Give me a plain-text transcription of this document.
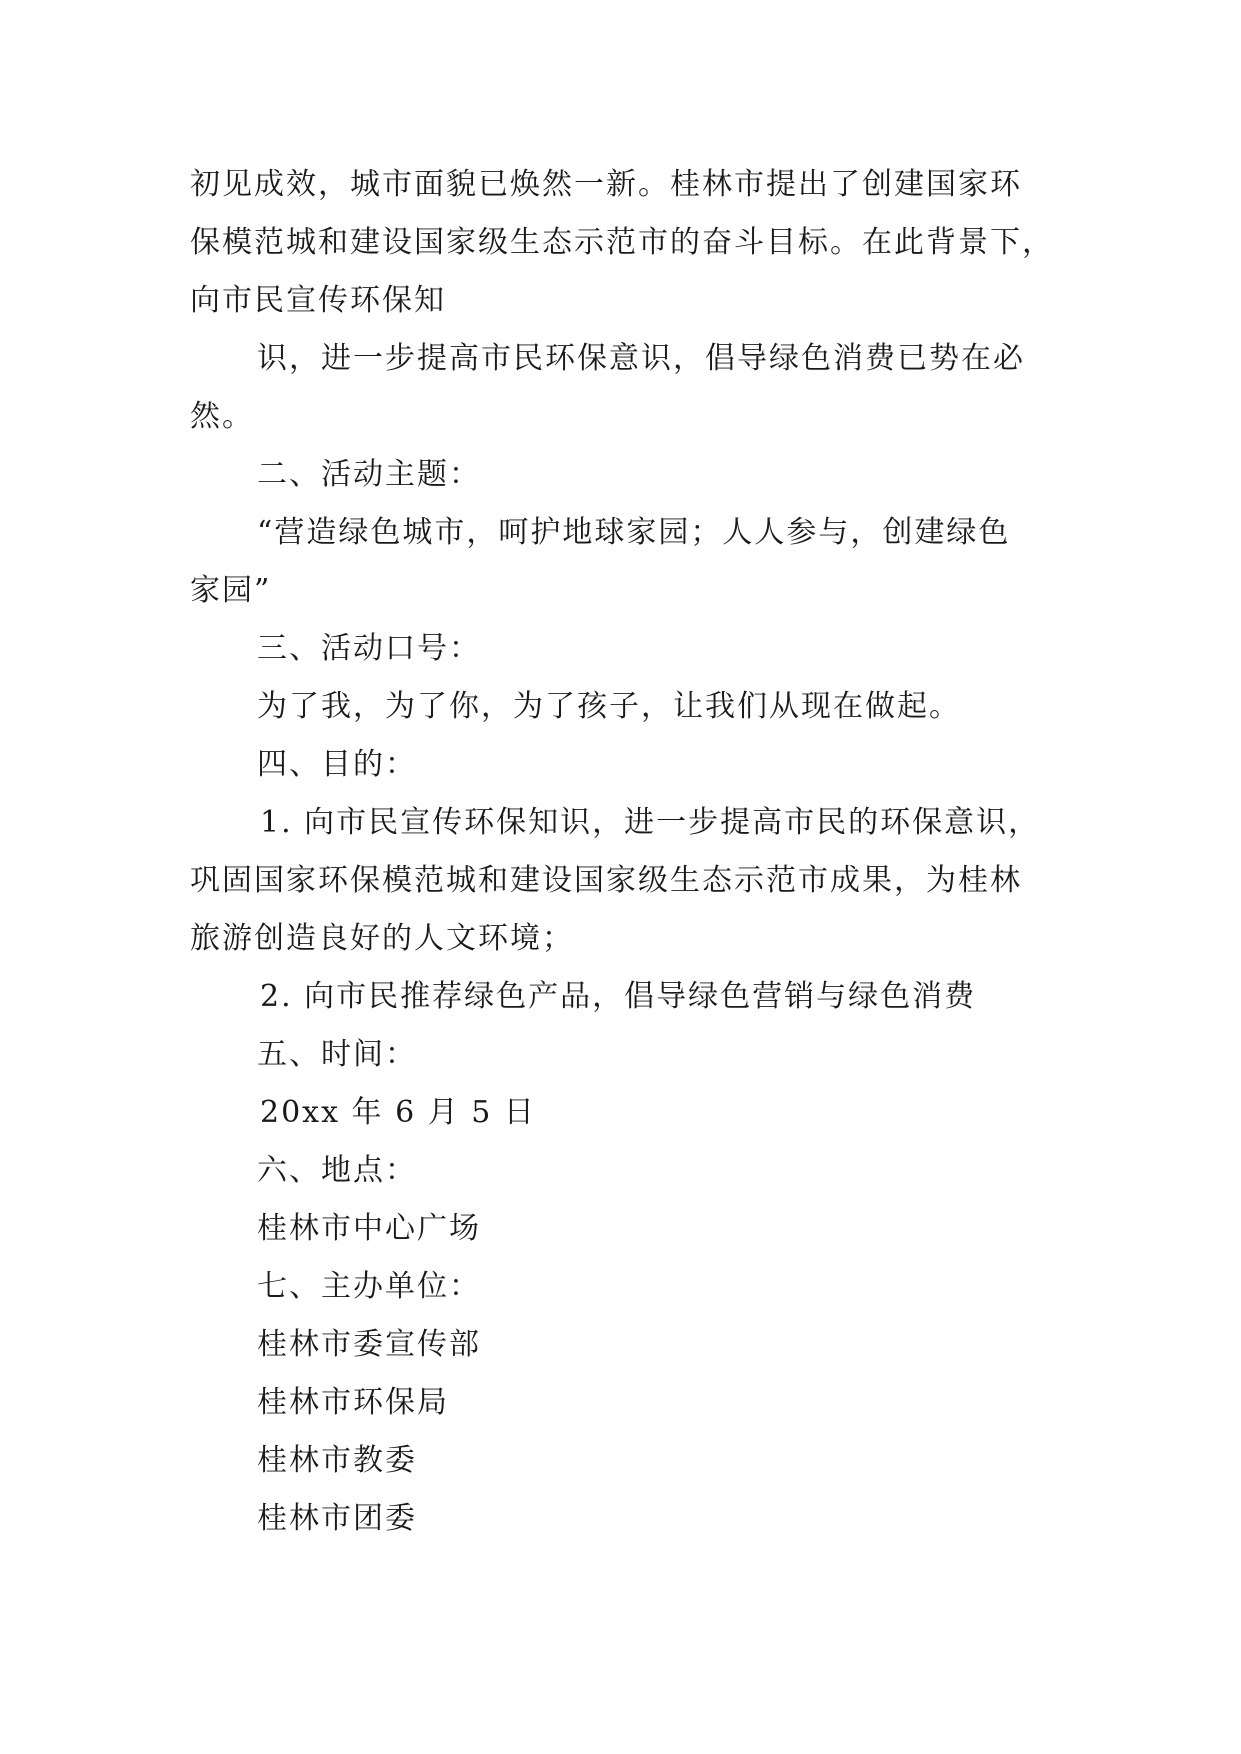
初见成效，城市面貌已焕然一新。桂林市提出了创建国家环
保模范城和建设国家级生态示范市的奋斗目标。在此背景下，
向市民宣传环保知
识，进一步提高市民环保意识，倡导绿色消费已势在必
然。
二、活动主题：
“营造绿色城市，呵护地球家园；人人参与，创建绿色
家园”
三、活动口号：
为了我，为了你，为了孩子，让我们从现在做起。
四、目的：
1. 向市民宣传环保知识，进一步提高市民的环保意识，
巩固国家环保模范城和建设国家级生态示范市成果，为桂林
旅游创造良好的人文环境；
2. 向市民推荐绿色产品，倡导绿色营销与绿色消费
五、时间：
20xx 年 6 月 5 日
六、地点：
桂林市中心广场
七、主办单位：
桂林市委宣传部
桂林市环保局
桂林市教委
桂林市团委
